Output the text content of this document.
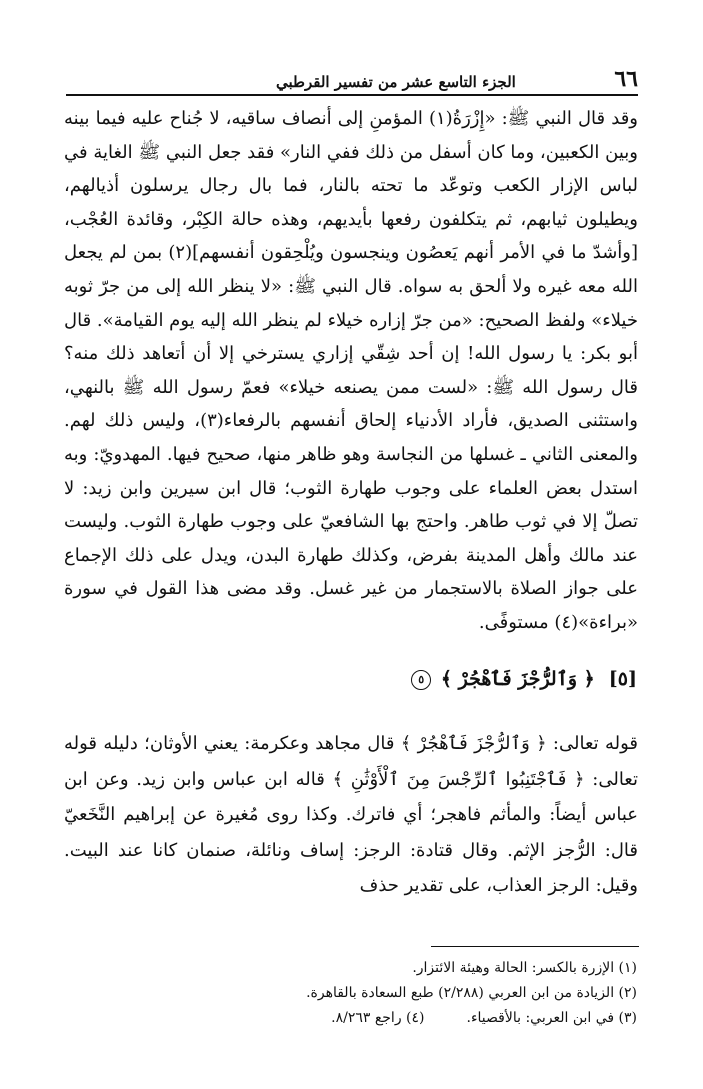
٦٦
الجزء التاسع عشر من تفسير القرطبي

وقد قال النبي ﷺ: «إِزْرَةُ(١) المؤمنِ إلى أنصاف ساقيه، لا جُناح عليه فيما بينه وبين الكعبين، وما كان أسفل من ذلك ففي النار» فقد جعل النبي ﷺ الغاية في لباس الإزار الكعب وتوعّد ما تحته بالنار، فما بال رجال يرسلون أذيالهم، ويطيلون ثيابهم، ثم يتكلفون رفعها بأيديهم، وهذه حالة الكِبْر، وقائدة العُجْب، [وأشدّ ما في الأمر أنهم يَعصُون وينجسون ويُلْحِقون أنفسهم](٢) بمن لم يجعل الله معه غيره ولا ألحق به سواه. قال النبي ﷺ: «لا ينظر الله إلى من جرّ ثوبه خيلاء» ولفظ الصحيح: «من جرّ إزاره خيلاء لم ينظر الله إليه يوم القيامة». قال أبو بكر: يا رسول الله! إن أحد شِقّي إزاري يسترخي إلا أن أتعاهد ذلك منه؟ قال رسول الله ﷺ: «لست ممن يصنعه خيلاء» فعمّ رسول الله ﷺ بالنهي، واستثنى الصديق، فأراد الأدنياء إلحاق أنفسهم بالرفعاء(٣)، وليس ذلك لهم. والمعنى الثاني ـ غسلها من النجاسة وهو ظاهر منها، صحيح فيها. المهدويّ: وبه استدل بعض العلماء على وجوب طهارة الثوب؛ قال ابن سيرين وابن زيد: لا تصلّ إلا في ثوب طاهر. واحتج بها الشافعيّ على وجوب طهارة الثوب. وليست عند مالك وأهل المدينة بفرض، وكذلك طهارة البدن، ويدل على ذلك الإجماع على جواز الصلاة بالاستجمار من غير غسل. وقد مضى هذا القول في سورة «براءة»(٤) مستوفًى.

[٥]
﴿ وَٱلرُّجْزَ فَٱهْجُرْ ﴾ ٥

قوله تعالى: ﴿ وَٱلرُّجْزَ فَٱهْجُرْ ﴾ قال مجاهد وعكرمة: يعني الأوثان؛ دليله قوله تعالى: ﴿ فَٱجْتَنِبُوا ٱلرِّجْسَ مِنَ ٱلْأَوْثَٰنِ ﴾ قاله ابن عباس وابن زيد. وعن ابن عباس أيضاً: والمأثم فاهجر؛ أي فاترك. وكذا روى مُغيرة عن إبراهيم النَّخَعيّ قال: الرُّجز الإثم. وقال قتادة: الرجز: إساف ونائلة، صنمان كانا عند البيت. وقيل: الرجز العذاب، على تقدير حذف

(١) الإزرة بالكسر: الحالة وهيئة الائتزار.
(٢) الزيادة من ابن العربي (٢/٢٨٨) طبع السعادة بالقاهرة.
(٣) في ابن العربي: بالأقصياء.
(٤) راجع ٨/٢٦٣.
